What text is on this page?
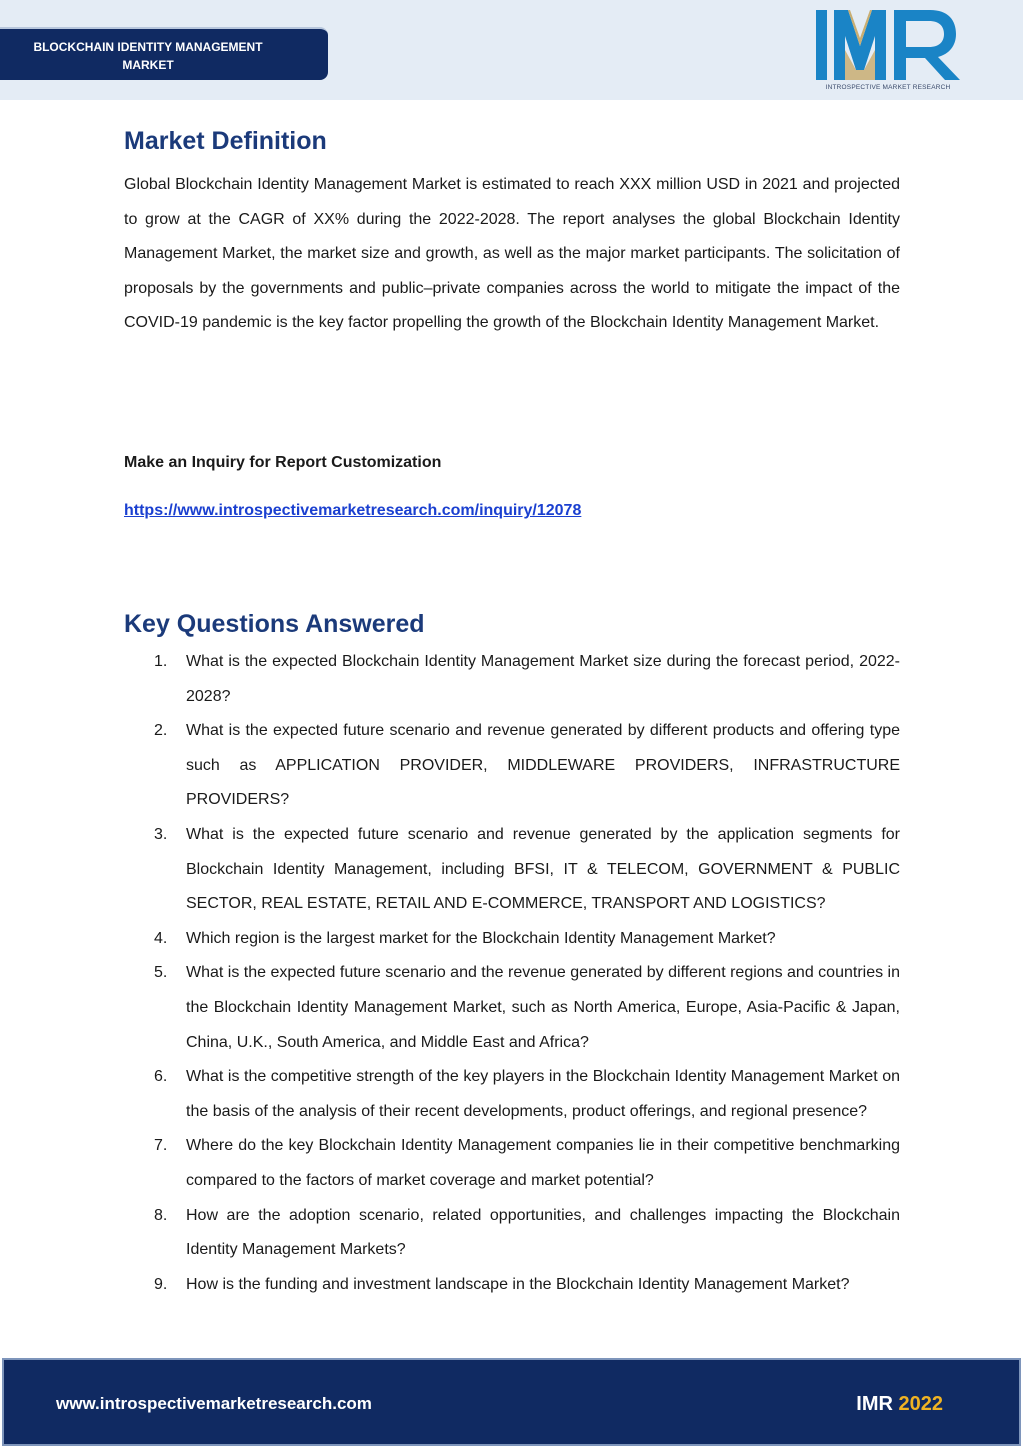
BLOCKCHAIN IDENTITY MANAGEMENT MARKET
INTROSPECTIVE MARKET RESEARCH
Market Definition

Global Blockchain Identity Management Market is estimated to reach XXX million USD in 2021 and projected to grow at the CAGR of XX% during the 2022-2028. The report analyses the global Blockchain Identity Management Market, the market size and growth, as well as the major market participants. The solicitation of proposals by the governments and public–private companies across the world to mitigate the impact of the COVID-19 pandemic is the key factor propelling the growth of the Blockchain Identity Management Market.

Make an Inquiry for Report Customization
https://www.introspectivemarketresearch.com/inquiry/12078
Key Questions Answered
1. What is the expected Blockchain Identity Management Market size during the forecast period, 2022-2028?
2. What is the expected future scenario and revenue generated by different products and offering type such as APPLICATION PROVIDER, MIDDLEWARE PROVIDERS, INFRASTRUCTURE PROVIDERS?
3. What is the expected future scenario and revenue generated by the application segments for Blockchain Identity Management, including BFSI, IT & TELECOM, GOVERNMENT & PUBLIC SECTOR, REAL ESTATE, RETAIL AND E-COMMERCE, TRANSPORT AND LOGISTICS?
4. Which region is the largest market for the Blockchain Identity Management Market?
5. What is the expected future scenario and the revenue generated by different regions and countries in the Blockchain Identity Management Market, such as North America, Europe, Asia-Pacific & Japan, China, U.K., South America, and Middle East and Africa?
6. What is the competitive strength of the key players in the Blockchain Identity Management Market on the basis of the analysis of their recent developments, product offerings, and regional presence?
7. Where do the key Blockchain Identity Management companies lie in their competitive benchmarking compared to the factors of market coverage and market potential?
8. How are the adoption scenario, related opportunities, and challenges impacting the Blockchain Identity Management Markets?
9. How is the funding and investment landscape in the Blockchain Identity Management Market?
www.introspectivemarketresearch.com	IMR 2022
